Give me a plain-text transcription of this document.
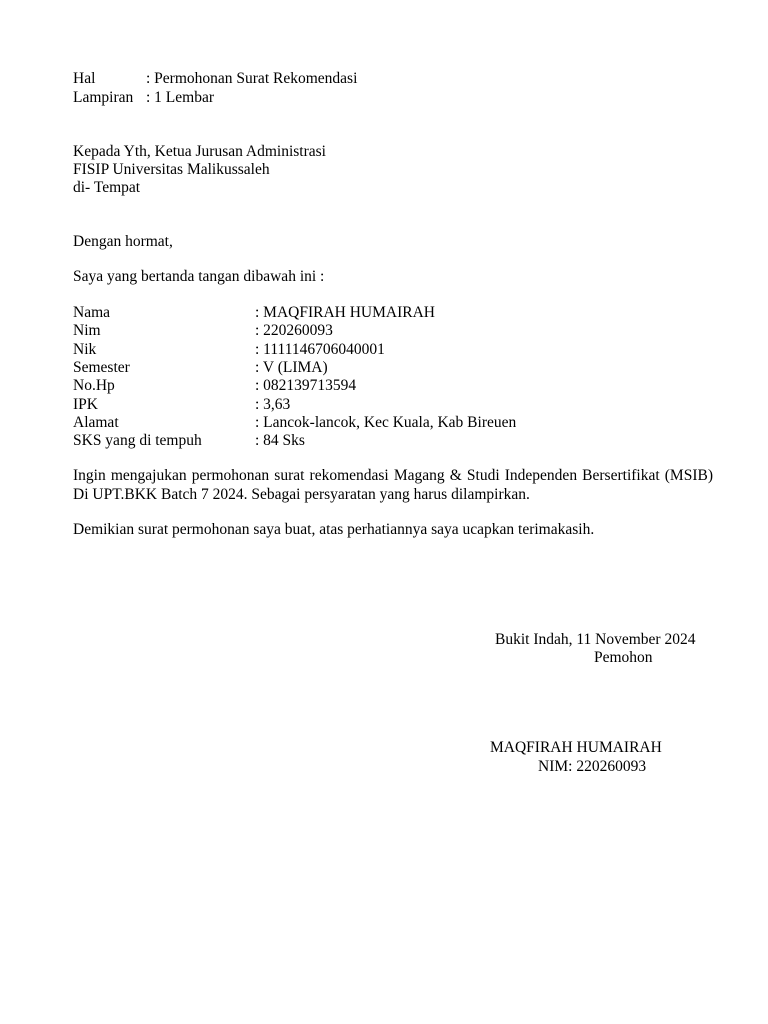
Hal	: Permohonan Surat Rekomendasi
Lampiran : 1 Lembar
Kepada Yth, Ketua Jurusan Administrasi
FISIP Universitas Malikussaleh
di- Tempat
Dengan hormat,
Saya yang bertanda tangan dibawah ini :
Nama	: MAQFIRAH HUMAIRAH
Nim	: 220260093
Nik	: 1111146706040001
Semester	: V (LIMA)
No.Hp	: 082139713594
IPK	: 3,63
Alamat	: Lancok-lancok, Kec Kuala, Kab Bireuen
SKS yang di tempuh	: 84 Sks
Ingin mengajukan permohonan surat rekomendasi Magang & Studi Independen Bersertifikat (MSIB) Di UPT.BKK Batch 7 2024. Sebagai persyaratan yang harus dilampirkan.
Demikian surat permohonan saya buat, atas perhatiannya saya ucapkan terimakasih.
Bukit Indah, 11 November 2024
Pemohon
MAQFIRAH HUMAIRAH
NIM: 220260093
